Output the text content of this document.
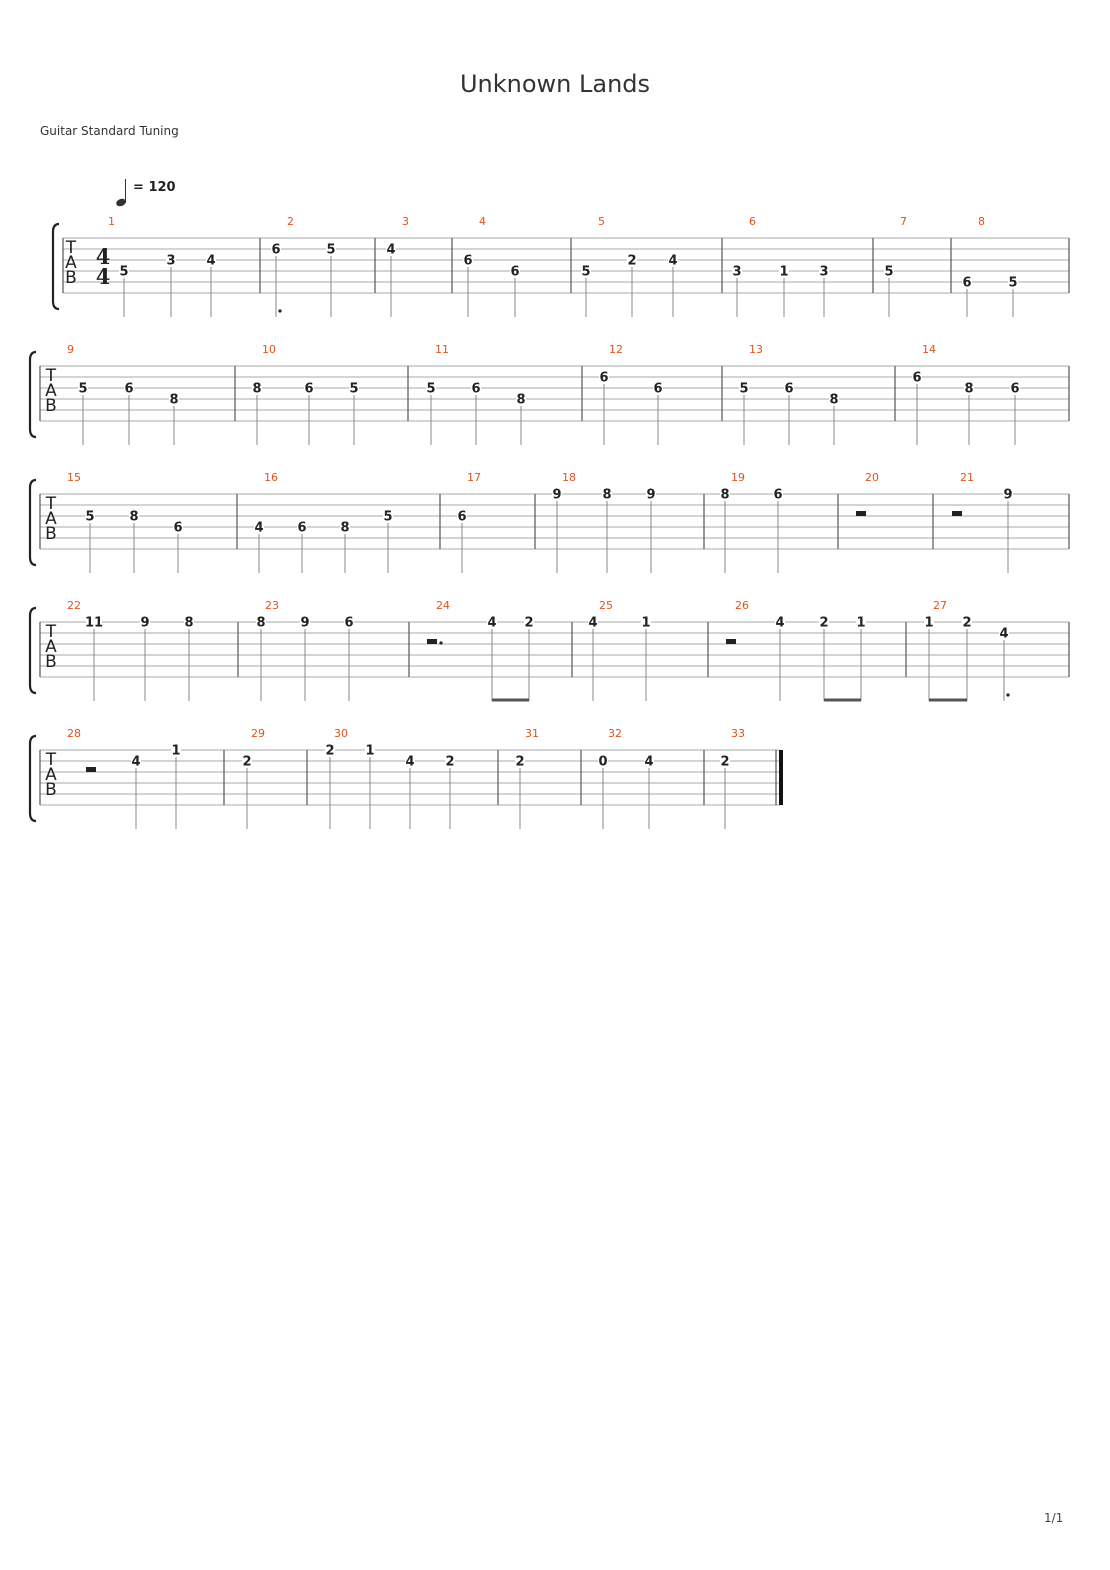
Unknown Lands
Guitar Standard Tuning
= 120
T
A
B
4
4
1
5
3 4
2
6	5
3
4
4
6
6
5
5
2 4
6
3	1 3
7
5
8
6	5
T
A
B
9
5	6
8
10
8	6	5
11
5	6
8
12
6
6
13
5	6
8
14
6
8	6
T
A
B
15
5	8
6
16
4	6	8
5
17
6
18
9	8	9
19
8	6
20	21
9
T
A
B
22
11	9	8
23
8	9	6
24
4 2
25
4	1
26
4	2 1
27
1 2
4
T
A
B
28
4
1
29
2
30
2 1
4 2
31
2
32
0	4
33
2
1/1
